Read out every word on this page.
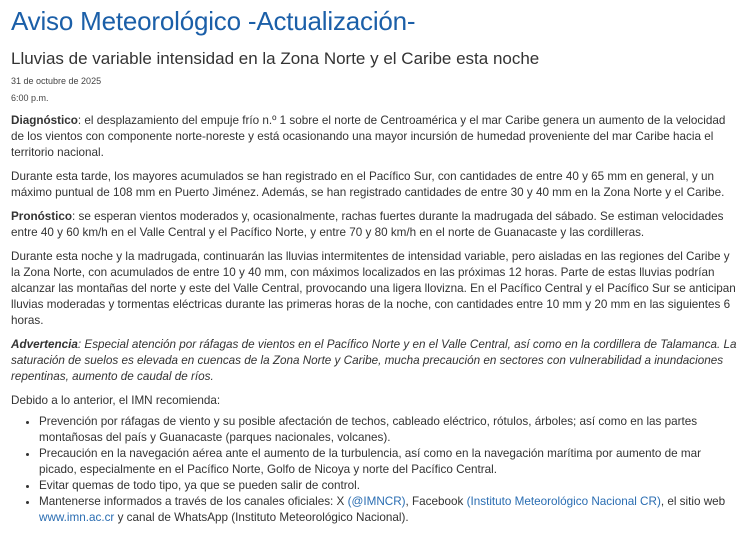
Aviso Meteorológico -Actualización-
Lluvias de variable intensidad en la Zona Norte y el Caribe esta noche
31 de octubre de 2025
6:00 p.m.

Diagnóstico: el desplazamiento del empuje frío n.º 1 sobre el norte de Centroamérica y el mar Caribe genera un aumento de la velocidad de los vientos con componente norte-noreste y está ocasionando una mayor incursión de humedad proveniente del mar Caribe hacia el territorio nacional.

Durante esta tarde, los mayores acumulados se han registrado en el Pacífico Sur, con cantidades de entre 40 y 65 mm en general, y un máximo puntual de 108 mm en Puerto Jiménez. Además, se han registrado cantidades de entre 30 y 40 mm en la Zona Norte y el Caribe.

Pronóstico: se esperan vientos moderados y, ocasionalmente, rachas fuertes durante la madrugada del sábado. Se estiman velocidades entre 40 y 60 km/h en el Valle Central y el Pacífico Norte, y entre 70 y 80 km/h en el norte de Guanacaste y las cordilleras.

Durante esta noche y la madrugada, continuarán las lluvias intermitentes de intensidad variable, pero aisladas en las regiones del Caribe y la Zona Norte, con acumulados de entre 10 y 40 mm, con máximos localizados en las próximas 12 horas. Parte de estas lluvias podrían alcanzar las montañas del norte y este del Valle Central, provocando una ligera llovizna. En el Pacífico Central y el Pacífico Sur se anticipan lluvias moderadas y tormentas eléctricas durante las primeras horas de la noche, con cantidades entre 10 mm y 20 mm en las siguientes 6 horas.

Advertencia: Especial atención por ráfagas de vientos en el Pacífico Norte y en el Valle Central, así como en la cordillera de Talamanca. La saturación de suelos es elevada en cuencas de la Zona Norte y Caribe, mucha precaución en sectores con vulnerabilidad a inundaciones repentinas, aumento de caudal de ríos.

Debido a lo anterior, el IMN recomienda:

• Prevención por ráfagas de viento y su posible afectación de techos, cableado eléctrico, rótulos, árboles; así como en las partes montañosas del país y Guanacaste (parques nacionales, volcanes).
• Precaución en la navegación aérea ante el aumento de la turbulencia, así como en la navegación marítima por aumento de mar picado, especialmente en el Pacífico Norte, Golfo de Nicoya y norte del Pacífico Central.
• Evitar quemas de todo tipo, ya que se pueden salir de control.
• Mantenerse informados a través de los canales oficiales: X (@IMNCR), Facebook (Instituto Meteorológico Nacional CR), el sitio web www.imn.ac.cr y canal de WhatsApp (Instituto Meteorológico Nacional).
